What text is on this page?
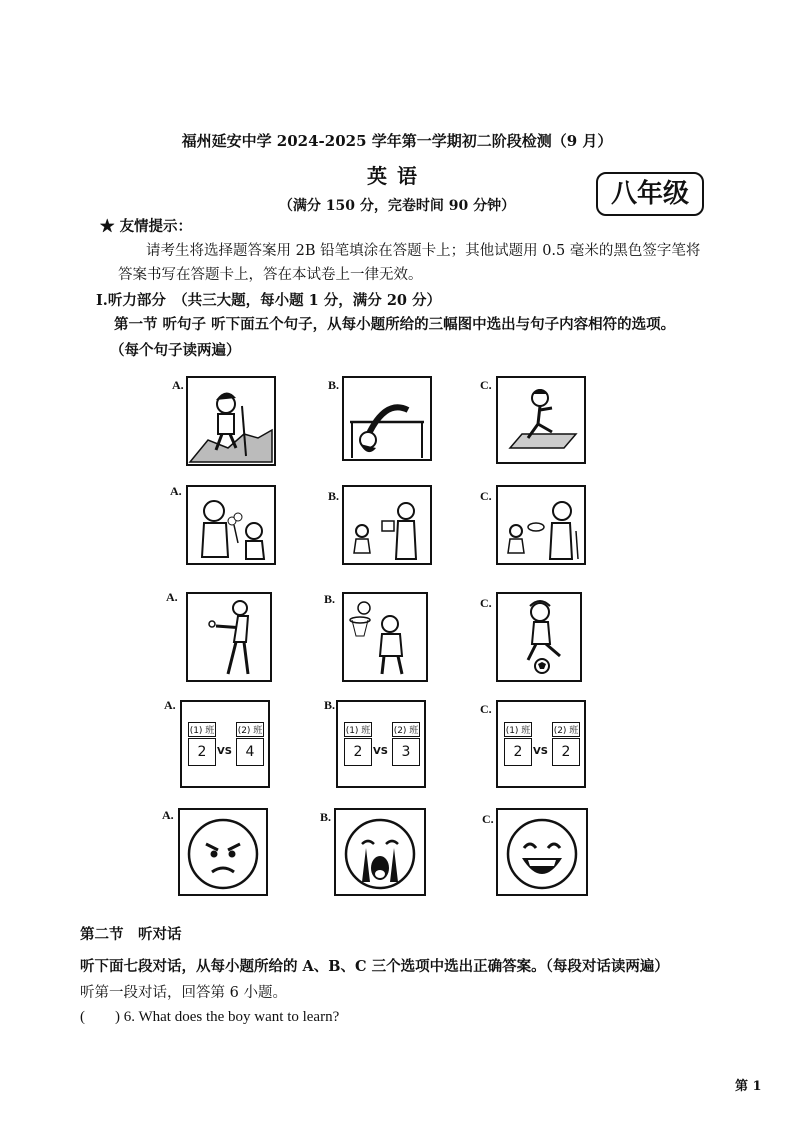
福州延安中学 2024-2025 学年第一学期初二阶段检测（9 月）
英语
（满分 150 分，完卷时间 90 分钟）	八年级
★ 友情提示：
请考生将选择题答案用 2B 铅笔填涂在答题卡上；其他试题用 0.5 毫米的黑色签字笔将
答案书写在答题卡上，答在本试卷上一律无效。
Ⅰ.听力部分　（共三大题，每小题 1 分，满分 20 分）
第一节 听句子 听下面五个句子，从每小题所给的三幅图中选出与句子内容相符的选项。
（每个句子读两遍）
A.	B.	C.
A.	B.	C.
A.	B.	C.
A.
(1) 班	(2) 班
2	VS 4
B.
(1) 班	(2) 班
2	VS 3
C.
(1) 班	(2) 班
2	VS 2
A.	B.	C.
第二节　听对话
听下面七段对话，从每小题所给的 A、B、C 三个选项中选出正确答案。（每段对话读两遍）
听第一段对话，回答第 6 小题。
(　　) 6. What does the boy want to learn?
第 1
